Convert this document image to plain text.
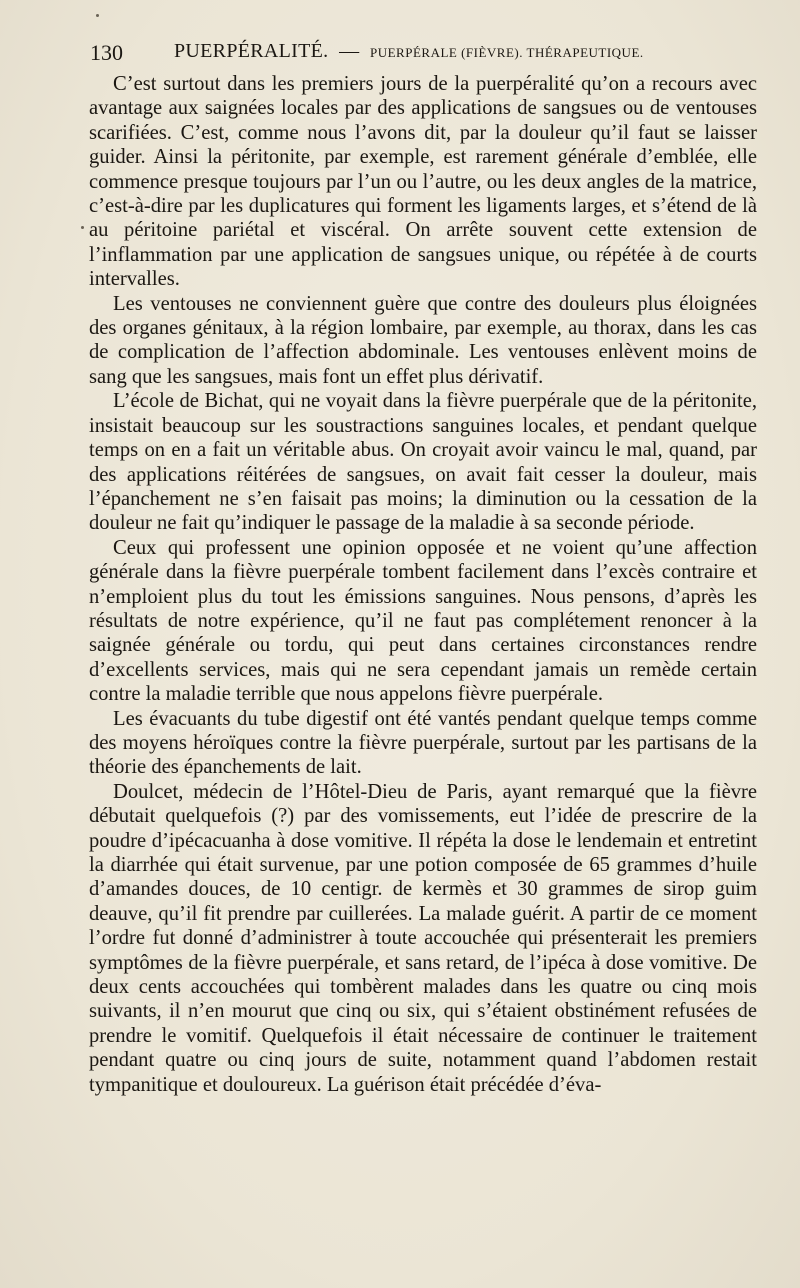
130	PUERPÉRALITÉ. — PUERPÉRALE (FIÈVRE). THÉRAPEUTIQUE.

C’est surtout dans les premiers jours de la puerpéralité qu’on a recours avec avantage aux saignées locales par des applications de sangsues ou de ventouses scarifiées. C’est, comme nous l’avons dit, par la douleur qu’il faut se laisser guider. Ainsi la péritonite, par exemple, est rarement générale d’emblée, elle commence presque toujours par l’un ou l’autre, ou les deux angles de la matrice, c’est-à-dire par les duplicatures qui forment les ligaments larges, et s’étend de là au péritoine pariétal et viscéral. On arrête souvent cette extension de l’inflammation par une application de sangsues unique, ou répétée à de courts intervalles.

Les ventouses ne conviennent guère que contre des douleurs plus éloignées des organes génitaux, à la région lombaire, par exemple, au thorax, dans les cas de complication de l’affection abdominale. Les ventouses enlèvent moins de sang que les sangsues, mais font un effet plus dérivatif.

L’école de Bichat, qui ne voyait dans la fièvre puerpérale que de la péritonite, insistait beaucoup sur les soustractions sanguines locales, et pendant quelque temps on en a fait un véritable abus. On croyait avoir vaincu le mal, quand, par des applications réitérées de sangsues, on avait fait cesser la douleur, mais l’épanchement ne s’en faisait pas moins; la diminution ou la cessation de la douleur ne fait qu’indiquer le passage de la maladie à sa seconde période.

Ceux qui professent une opinion opposée et ne voient qu’une affection générale dans la fièvre puerpérale tombent facilement dans l’excès contraire et n’emploient plus du tout les émissions sanguines. Nous pensons, d’après les résultats de notre expérience, qu’il ne faut pas complétement renoncer à la saignée générale ou tordu, qui peut dans certaines circonstances rendre d’excellents services, mais qui ne sera cependant jamais un remède certain contre la maladie terrible que nous appelons fièvre puerpérale.

Les évacuants du tube digestif ont été vantés pendant quelque temps comme des moyens héroïques contre la fièvre puerpérale, surtout par les partisans de la théorie des épanchements de lait.

Doulcet, médecin de l’Hôtel-Dieu de Paris, ayant remarqué que la fièvre débutait quelquefois (?) par des vomissements, eut l’idée de prescrire de la poudre d’ipécacuanha à dose vomitive. Il répéta la dose le lendemain et entretint la diarrhée qui était survenue, par une potion composée de 65 grammes d’huile d’amandes douces, de 10 centigr. de kermès et 30 grammes de sirop guim deauve, qu’il fit prendre par cuillerées. La malade guérit. A partir de ce moment l’ordre fut donné d’administrer à toute accouchée qui présenterait les premiers symptômes de la fièvre puerpérale, et sans retard, de l’ipéca à dose vomitive. De deux cents accouchées qui tombèrent malades dans les quatre ou cinq mois suivants, il n’en mourut que cinq ou six, qui s’étaient obstinément refusées de prendre le vomitif. Quelquefois il était nécessaire de continuer le traitement pendant quatre ou cinq jours de suite, notamment quand l’abdomen restait tympanitique et douloureux. La guérison était précédée d’éva-
